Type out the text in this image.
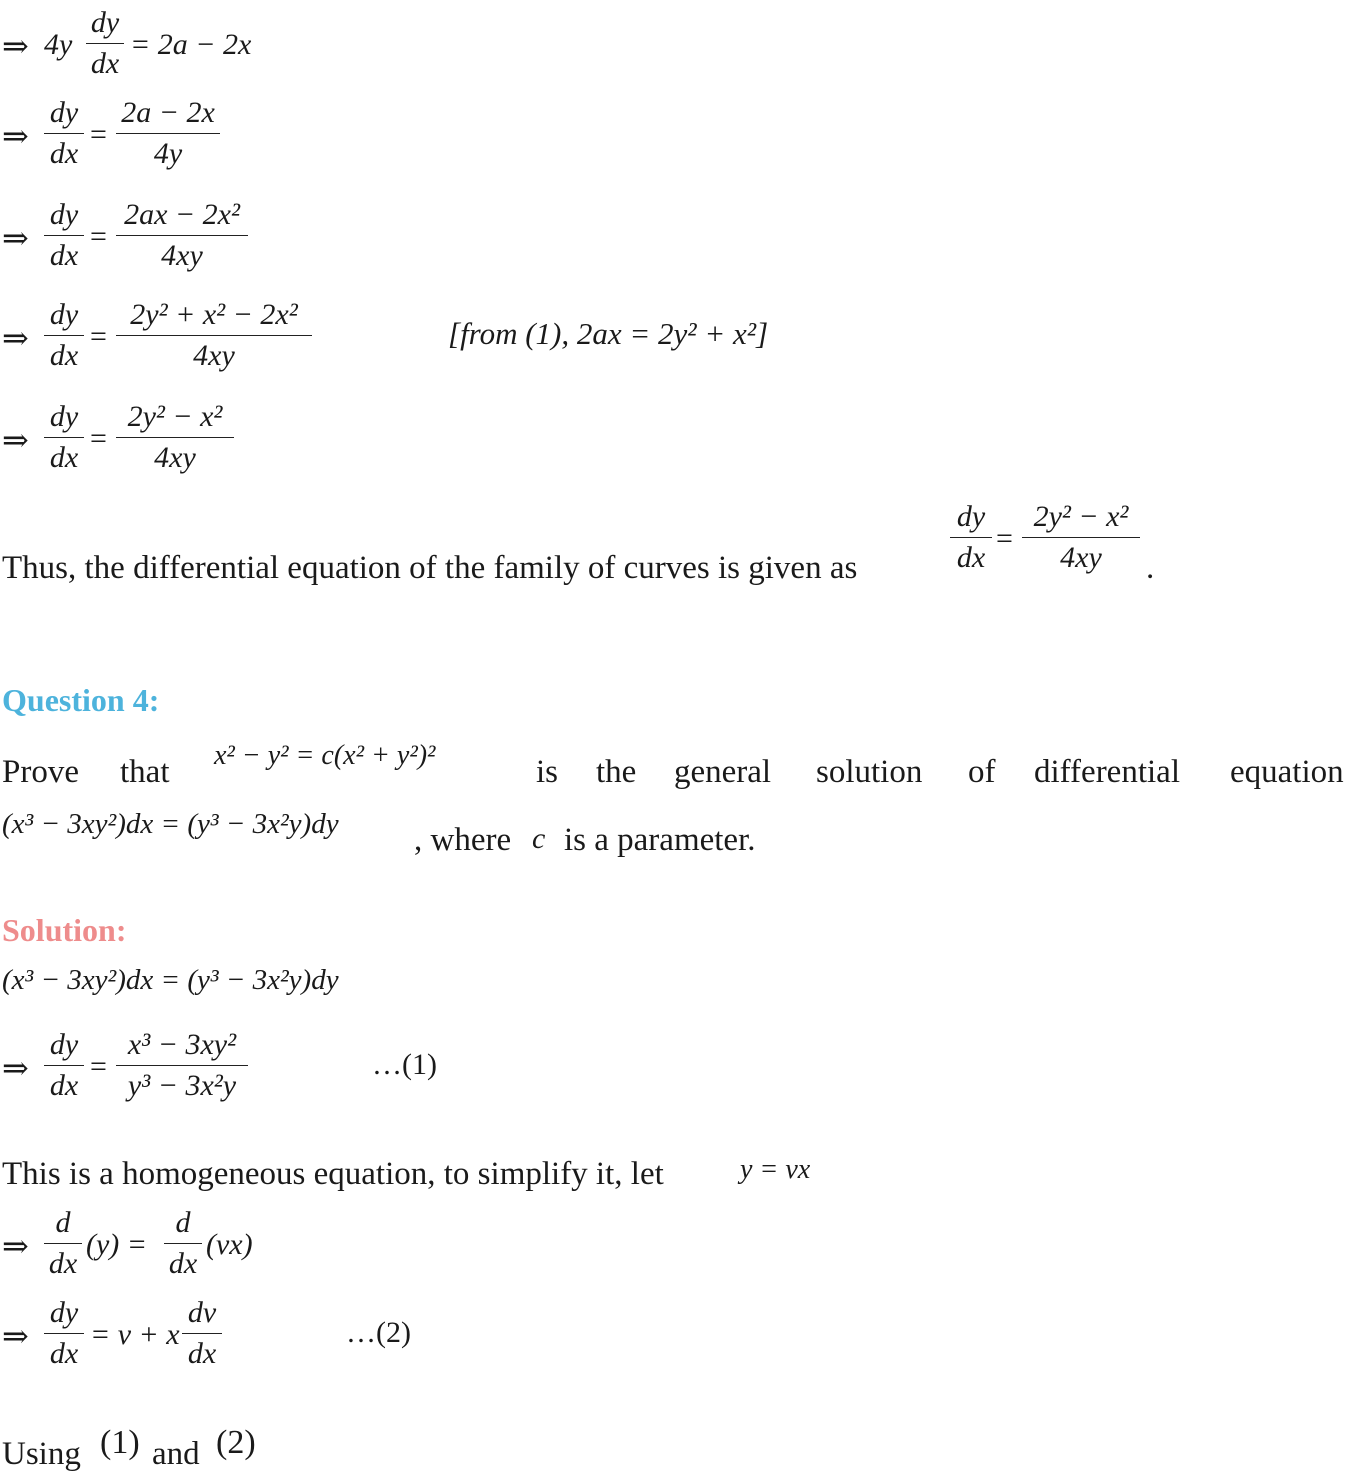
⇒ 4y
dy
dx
= 2a − 2x
⇒
dy
dx
=
2a − 2x
4y
⇒
dy
dx
=
2ax − 2x²
4xy
⇒
dy
dx
=
2y² + x² − 2x²
4xy
[from (1), 2ax = 2y² + x²]
⇒
dy
dx
=
2y² − x²
4xy
Thus, the differential equation of the family of curves is given as
dy
dx
=
2y² − x²
4xy	.
Question 4:
Prove that x² − y² = c(x² + y²)²	is the general solution of differential equation
(x³ − 3xy²)dx = (y³ − 3x²y)dy , where c is a parameter.
Solution:
(x³ − 3xy²)dx = (y³ − 3x²y)dy
⇒
dy
dx
=
x³ − 3xy²
y³ − 3x²y
…(1)
This is a homogeneous equation, to simplify it, let	y = vx
⇒
d
dx
(y) =
d
dx
(vx)
⇒
dy
dx
= v + x
dv
dx
…(2)
Using (1) and (2)
